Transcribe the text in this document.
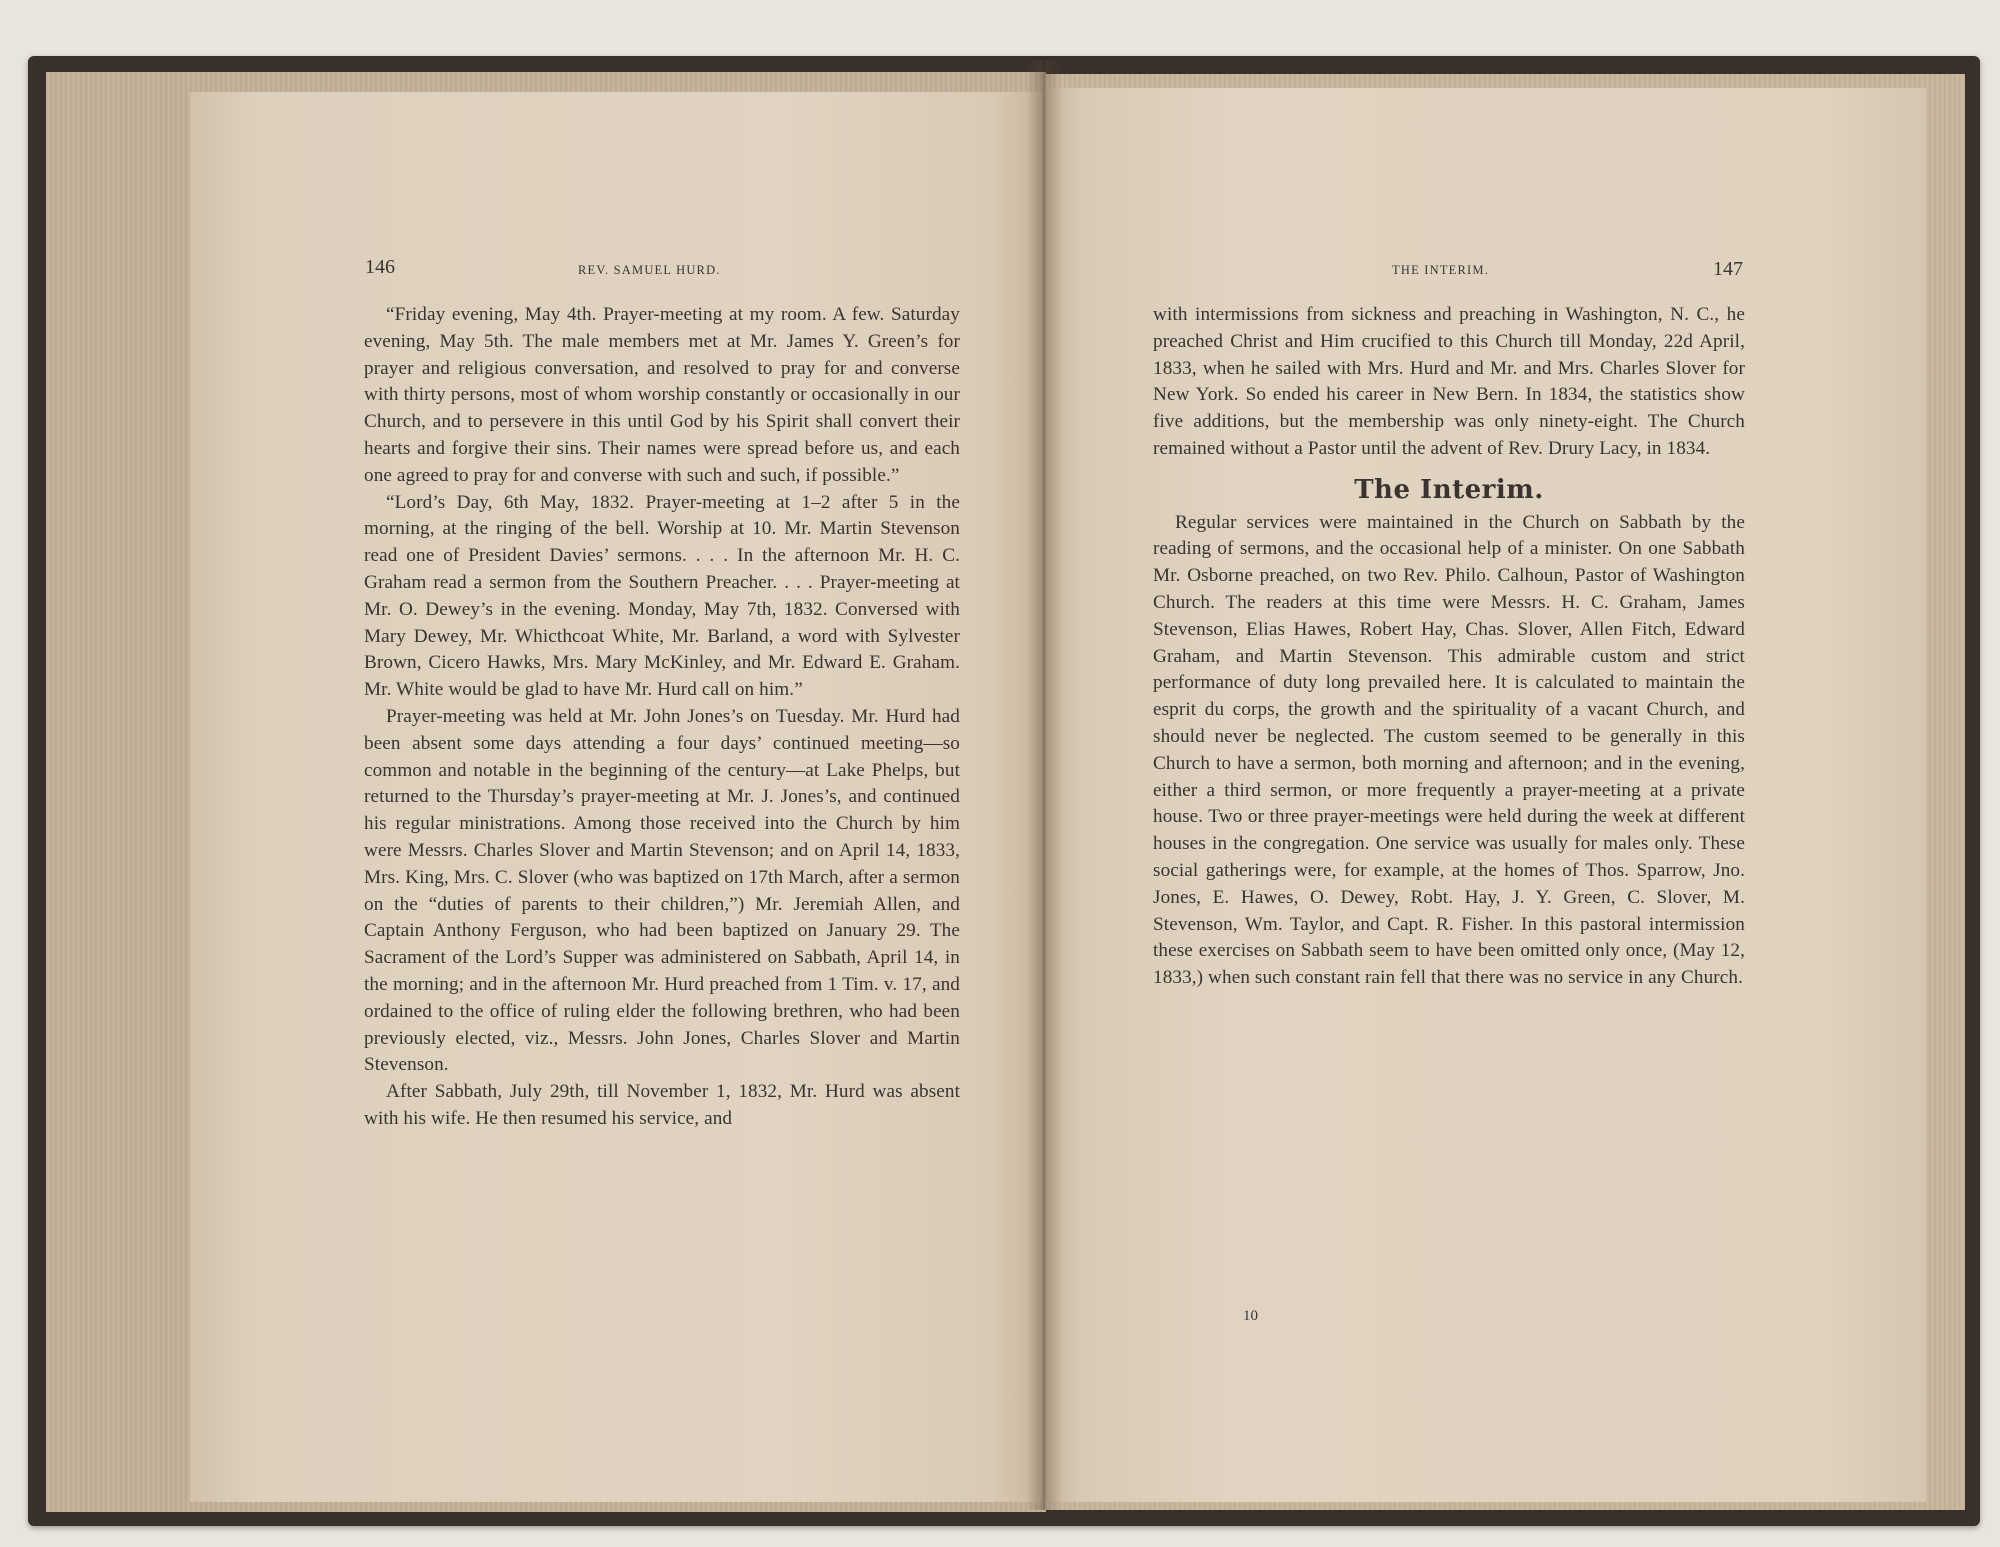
146	REV. SAMUEL HURD.

“Friday evening, May 4th. Prayer-meeting at my room. A few. Saturday evening, May 5th. The male members met at Mr. James Y. Green’s for prayer and religious conversation, and resolved to pray for and converse with thirty persons, most of whom worship constantly or occasionally in our Church, and to persevere in this until God by his Spirit shall convert their hearts and forgive their sins. Their names were spread before us, and each one agreed to pray for and converse with such and such, if possible.”

“Lord’s Day, 6th May, 1832. Prayer-meeting at 1–2 after 5 in the morning, at the ringing of the bell. Worship at 10. Mr. Martin Stevenson read one of President Davies’ sermons. . . . In the afternoon Mr. H. C. Graham read a sermon from the Southern Preacher. . . . Prayer-meeting at Mr. O. Dewey’s in the evening. Monday, May 7th, 1832. Conversed with Mary Dewey, Mr. Whicthcoat White, Mr. Barland, a word with Sylvester Brown, Cicero Hawks, Mrs. Mary McKinley, and Mr. Edward E. Graham. Mr. White would be glad to have Mr. Hurd call on him.”

Prayer-meeting was held at Mr. John Jones’s on Tuesday. Mr. Hurd had been absent some days attending a four days’ continued meeting—so common and notable in the beginning of the century—at Lake Phelps, but returned to the Thursday’s prayer-meeting at Mr. J. Jones’s, and continued his regular ministrations. Among those received into the Church by him were Messrs. Charles Slover and Martin Stevenson; and on April 14, 1833, Mrs. King, Mrs. C. Slover (who was baptized on 17th March, after a sermon on the “duties of parents to their children,”) Mr. Jeremiah Allen, and Captain Anthony Ferguson, who had been baptized on January 29. The Sacrament of the Lord’s Supper was administered on Sabbath, April 14, in the morning; and in the afternoon Mr. Hurd preached from 1 Tim. v. 17, and ordained to the office of ruling elder the following brethren, who had been previously elected, viz., Messrs. John Jones, Charles Slover and Martin Stevenson.

After Sabbath, July 29th, till November 1, 1832, Mr. Hurd was absent with his wife. He then resumed his service, and

THE INTERIM.	147

with intermissions from sickness and preaching in Washington, N. C., he preached Christ and Him crucified to this Church till Monday, 22d April, 1833, when he sailed with Mrs. Hurd and Mr. and Mrs. Charles Slover for New York. So ended his career in New Bern. In 1834, the statistics show five additions, but the membership was only ninety-eight. The Church remained without a Pastor until the advent of Rev. Drury Lacy, in 1834.

The Interim.

Regular services were maintained in the Church on Sabbath by the reading of sermons, and the occasional help of a minister. On one Sabbath Mr. Osborne preached, on two Rev. Philo. Calhoun, Pastor of Washington Church. The readers at this time were Messrs. H. C. Graham, James Stevenson, Elias Hawes, Robert Hay, Chas. Slover, Allen Fitch, Edward Graham, and Martin Stevenson. This admirable custom and strict performance of duty long prevailed here. It is calculated to maintain the esprit du corps, the growth and the spirituality of a vacant Church, and should never be neglected. The custom seemed to be generally in this Church to have a sermon, both morning and afternoon; and in the evening, either a third sermon, or more frequently a prayer-meeting at a private house. Two or three prayer-meetings were held during the week at different houses in the congregation. One service was usually for males only. These social gatherings were, for example, at the homes of Thos. Sparrow, Jno. Jones, E. Hawes, O. Dewey, Robt. Hay, J. Y. Green, C. Slover, M. Stevenson, Wm. Taylor, and Capt. R. Fisher. In this pastoral intermission these exercises on Sabbath seem to have been omitted only once, (May 12, 1833,) when such constant rain fell that there was no service in any Church.

10
